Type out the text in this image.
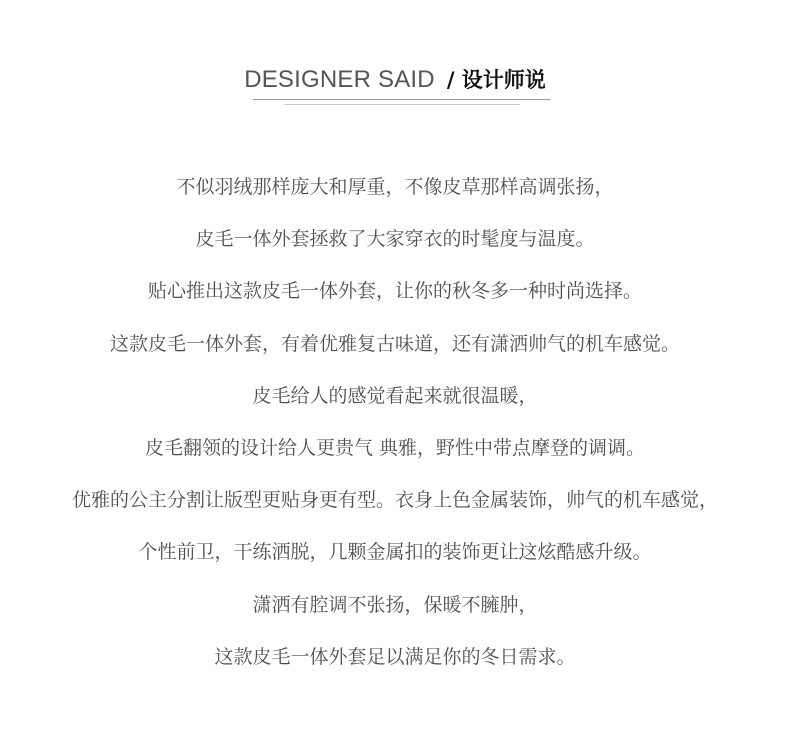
DESIGNER SAID / 设计师说
不似羽绒那样庞大和厚重，不像皮草那样高调张扬，
皮毛一体外套拯救了大家穿衣的时髦度与温度。
贴心推出这款皮毛一体外套，让你的秋冬多一种时尚选择。
这款皮毛一体外套，有着优雅复古味道，还有潇洒帅气的机车感觉。
皮毛给人的感觉看起来就很温暖，
皮毛翻领的设计给人更贵气 典雅，野性中带点摩登的调调。
优雅的公主分割让版型更贴身更有型。衣身上色金属装饰，帅气的机车感觉，
个性前卫，干练洒脱，几颗金属扣的装饰更让这炫酷感升级。
潇洒有腔调不张扬，保暖不臃肿，
这款皮毛一体外套足以满足你的冬日需求。
